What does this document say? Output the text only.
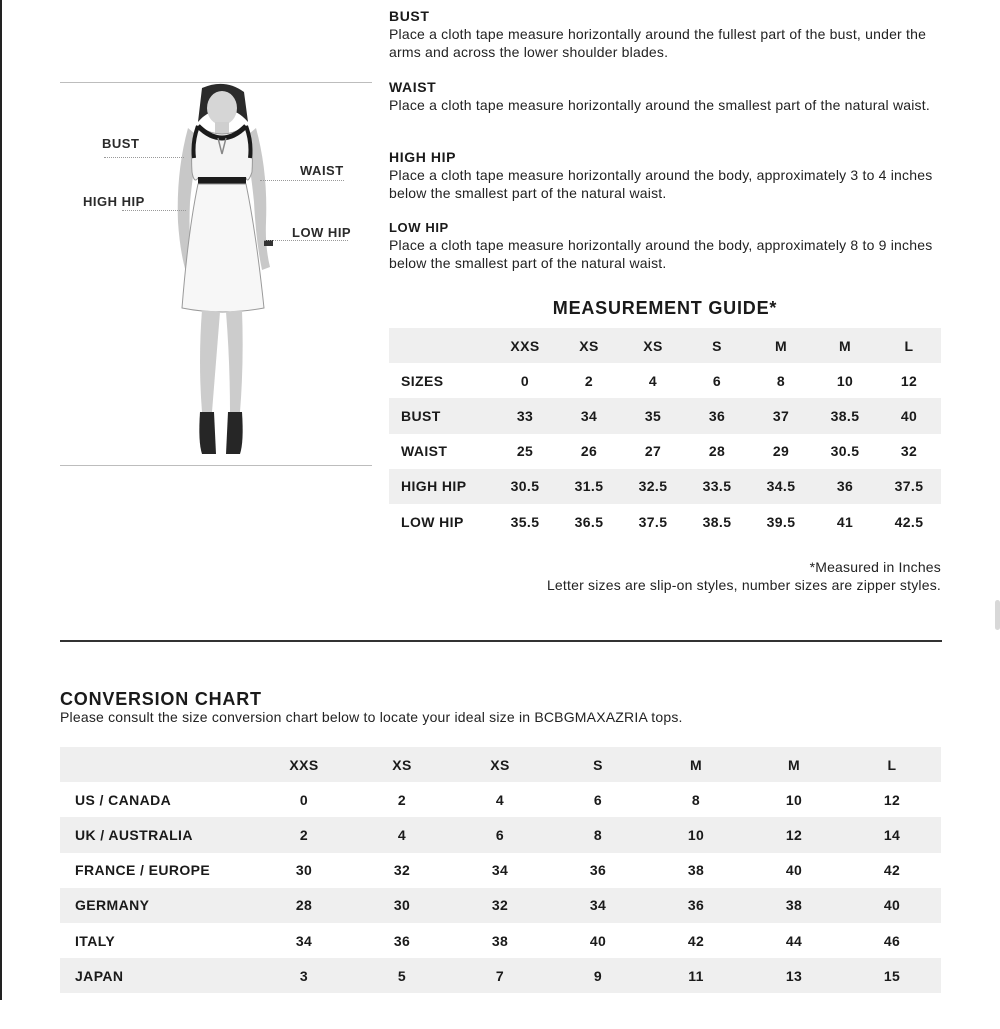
BUST
HIGH HIP
WAIST
LOW HIP
BUST

Place a cloth tape measure horizontally around the fullest part of the bust, under the arms and across the lower shoulder blades.

WAIST

Place a cloth tape measure horizontally around the smallest part of the natural waist.

HIGH HIP

Place a cloth tape measure horizontally around the body, approximately 3 to 4 inches below the smallest part of the natural waist.

LOW HIP

Place a cloth tape measure horizontally around the body, approximately 8 to 9 inches below the smallest part of the natural waist.

MEASUREMENT GUIDE*
	XXS	XS	XS	S	M	M	L
SIZES	0	2	4	6	8	10	12
BUST	33	34	35	36	37	38.5	40
WAIST	25	26	27	28	29	30.5	32
HIGH HIP	30.5	31.5	32.5	33.5	34.5	36	37.5
LOW HIP	35.5	36.5	37.5	38.5	39.5	41	42.5
*Measured in Inches
Letter sizes are slip-on styles, number sizes are zipper styles.
CONVERSION CHART
Please consult the size conversion chart below to locate your ideal size in BCBGMAXAZRIA tops.
	XXS	XS	XS	S	M	M	L
US / CANADA	0	2	4	6	8	10	12
UK / AUSTRALIA	2	4	6	8	10	12	14
FRANCE / EUROPE	30	32	34	36	38	40	42
GERMANY	28	30	32	34	36	38	40
ITALY	34	36	38	40	42	44	46
JAPAN	3	5	7	9	11	13	15
